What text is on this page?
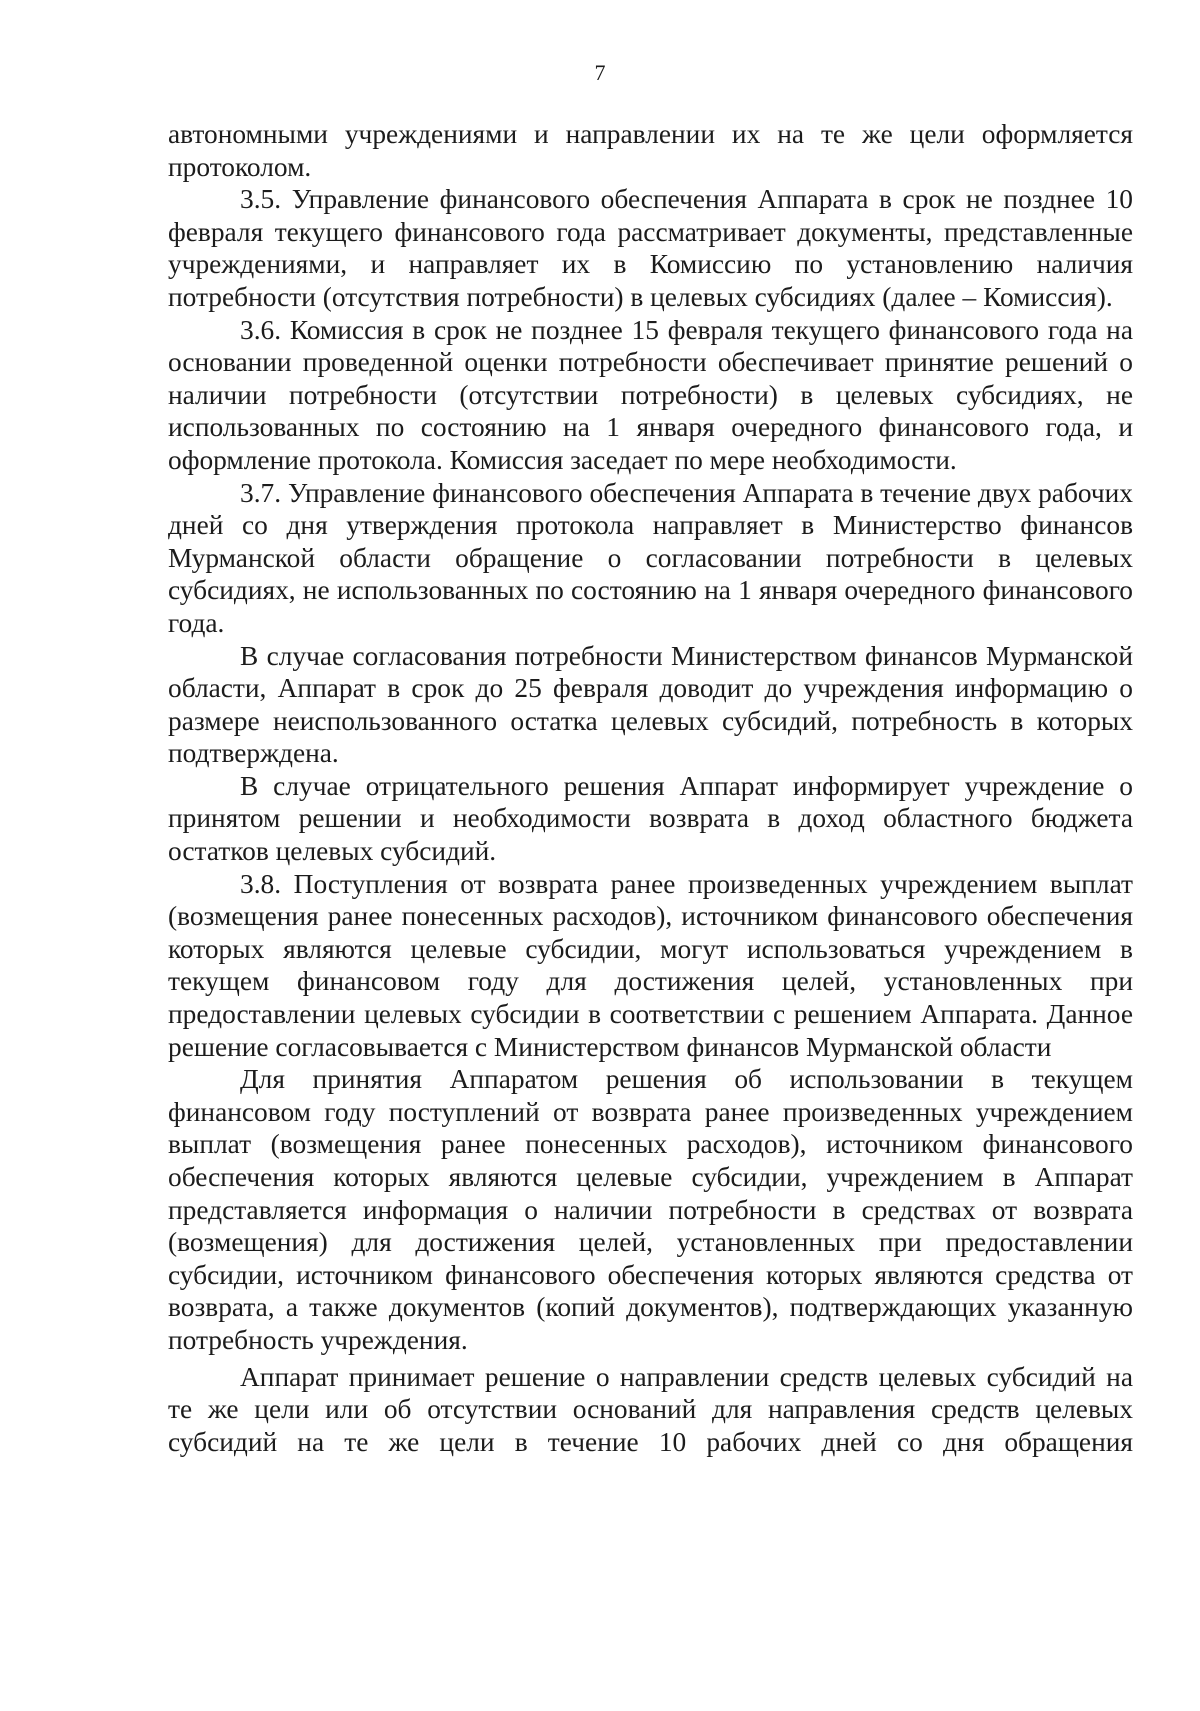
7

автономными учреждениями и направлении их на те же цели оформляется протоколом.

3.5. Управление финансового обеспечения Аппарата в срок не позднее 10 февраля текущего финансового года рассматривает документы, представленные учреждениями, и направляет их в Комиссию по установлению наличия потребности (отсутствия потребности) в целевых субсидиях (далее – Комиссия).

3.6. Комиссия в срок не позднее 15 февраля текущего финансового года на основании проведенной оценки потребности обеспечивает принятие решений о наличии потребности (отсутствии потребности) в целевых субсидиях, не использованных по состоянию на 1 января очередного финансового года, и оформление протокола. Комиссия заседает по мере необходимости.

3.7. Управление финансового обеспечения Аппарата в течение двух рабочих дней со дня утверждения протокола направляет в Министерство финансов Мурманской области обращение о согласовании потребности в целевых субсидиях, не использованных по состоянию на 1 января очередного финансового года.

В случае согласования потребности Министерством финансов Мурманской области, Аппарат в срок до 25 февраля доводит до учреждения информацию о размере неиспользованного остатка целевых субсидий, потребность в которых подтверждена.

В случае отрицательного решения Аппарат информирует учреждение о принятом решении и необходимости возврата в доход областного бюджета остатков целевых субсидий.

3.8. Поступления от возврата ранее произведенных учреждением выплат (возмещения ранее понесенных расходов), источником финансового обеспечения которых являются целевые субсидии, могут использоваться учреждением в текущем финансовом году для достижения целей, установленных при предоставлении целевых субсидии в соответствии с решением Аппарата. Данное решение согласовывается с Министерством финансов Мурманской области

Для принятия Аппаратом решения об использовании в текущем финансовом году поступлений от возврата ранее произведенных учреждением выплат (возмещения ранее понесенных расходов), источником финансового обеспечения которых являются целевые субсидии, учреждением в Аппарат представляется информация о наличии потребности в средствах от возврата (возмещения) для достижения целей, установленных при предоставлении субсидии, источником финансового обеспечения которых являются средства от возврата, а также документов (копий документов), подтверждающих указанную потребность учреждения.

Аппарат принимает решение о направлении средств целевых субсидий на те же цели или об отсутствии оснований для направления средств целевых субсидий на те же цели в течение 10 рабочих дней со дня обращения
